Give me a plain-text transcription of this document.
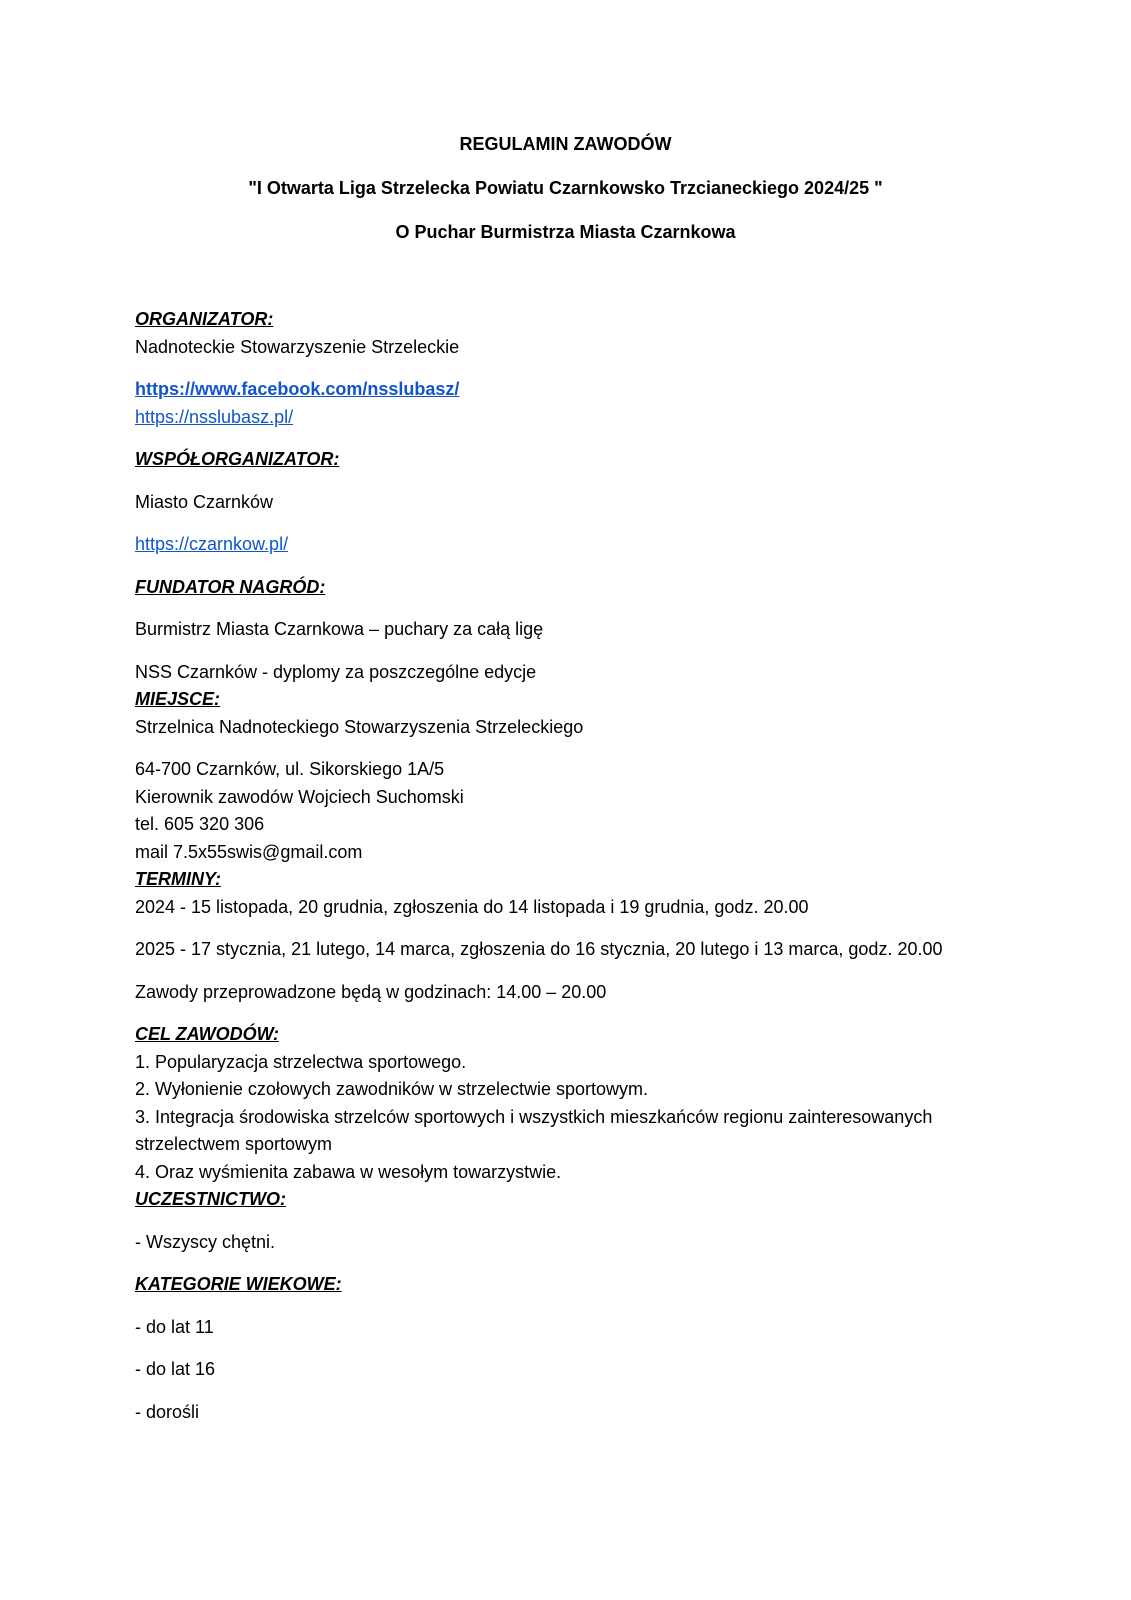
REGULAMIN ZAWODÓW
"I Otwarta Liga Strzelecka Powiatu Czarnkowsko Trzcianeckiego 2024/25 "
O Puchar Burmistrza Miasta Czarnkowa
ORGANIZATOR:
Nadnoteckie Stowarzyszenie Strzeleckie
https://www.facebook.com/nsslubasz/
https://nsslubasz.pl/
WSPÓŁORGANIZATOR:
Miasto Czarnków
https://czarnkow.pl/
FUNDATOR NAGRÓD:
Burmistrz Miasta Czarnkowa – puchary za całą ligę
NSS Czarnków - dyplomy za poszczególne edycje
MIEJSCE:
Strzelnica Nadnoteckiego Stowarzyszenia Strzeleckiego
64-700 Czarnków, ul. Sikorskiego 1A/5
Kierownik zawodów Wojciech Suchomski
tel. 605 320 306
mail 7.5x55swis@gmail.com
TERMINY:
2024 - 15 listopada, 20 grudnia, zgłoszenia do 14 listopada i 19 grudnia, godz. 20.00
2025 - 17 stycznia, 21 lutego, 14 marca, zgłoszenia do 16 stycznia, 20 lutego i 13 marca, godz. 20.00
Zawody przeprowadzone będą w godzinach: 14.00 – 20.00
CEL ZAWODÓW:
1. Popularyzacja strzelectwa sportowego.
2. Wyłonienie czołowych zawodników w strzelectwie sportowym.
3. Integracja środowiska strzelców sportowych i wszystkich mieszkańców regionu zainteresowanych strzelectwem sportowym
4. Oraz wyśmienita zabawa w wesołym towarzystwie.
UCZESTNICTWO:
- Wszyscy chętni.
KATEGORIE WIEKOWE:
- do lat 11
- do lat 16
- dorośli
